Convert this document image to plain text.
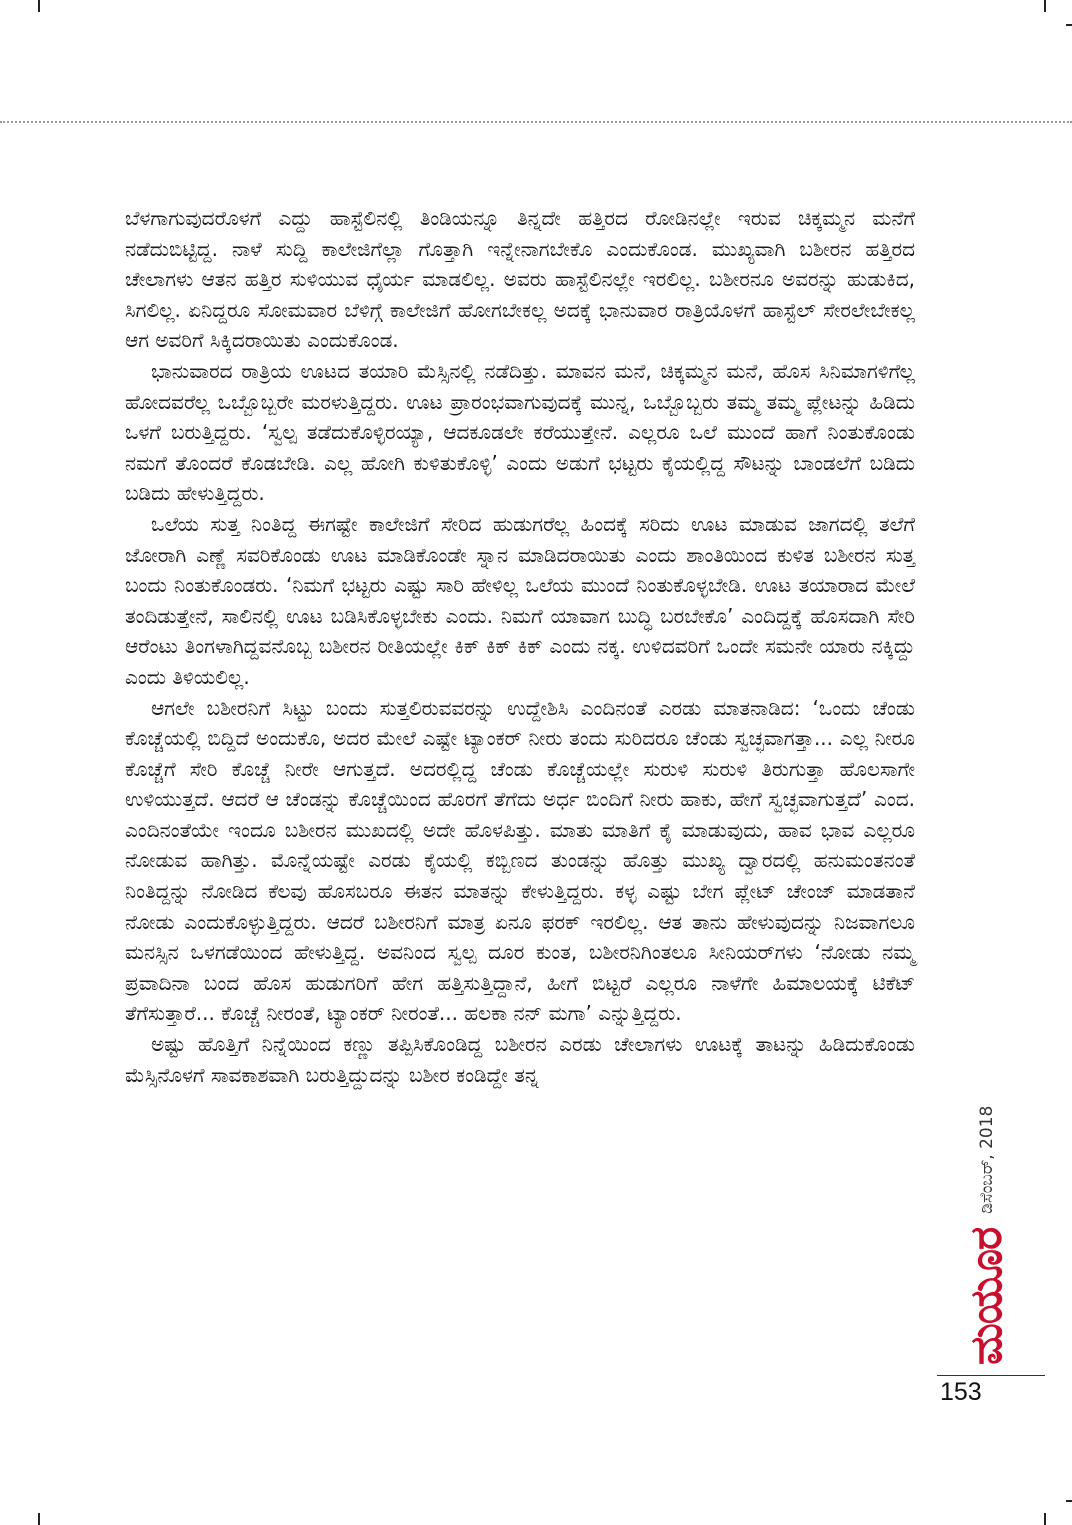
ಬೆಳಗಾಗುವುದರೊಳಗೆ ಎದ್ದು ಹಾಸ್ಟೆಲಿನಲ್ಲಿ ತಿಂಡಿಯನ್ನೂ ತಿನ್ನದೇ ಹತ್ತಿರದ ರೋಡಿನಲ್ಲೇ ಇರುವ ಚಿಕ್ಕಮ್ಮನ ಮನೆಗೆ ನಡೆದುಬಿಟ್ಟಿದ್ದ. ನಾಳೆ ಸುದ್ದಿ ಕಾಲೇಜಿಗೆಲ್ಲಾ ಗೊತ್ತಾಗಿ ಇನ್ನೇನಾಗಬೇಕೊ ಎಂದುಕೊಂಡ. ಮುಖ್ಯವಾಗಿ ಬಶೀರನ ಹತ್ತಿರದ ಚೇಲಾಗಳು ಆತನ ಹತ್ತಿರ ಸುಳಿಯುವ ಧೈರ್ಯ ಮಾಡಲಿಲ್ಲ. ಅವರು ಹಾಸ್ಟೆಲಿನಲ್ಲೇ ಇರಲಿಲ್ಲ. ಬಶೀರನೂ ಅವರನ್ನು ಹುಡುಕಿದ, ಸಿಗಲಿಲ್ಲ. ಏನಿದ್ದರೂ ಸೋಮವಾರ ಬೆಳಿಗ್ಗೆ ಕಾಲೇಜಿಗೆ ಹೋಗಬೇಕಲ್ಲ ಅದಕ್ಕೆ ಭಾನುವಾರ ರಾತ್ರಿಯೊಳಗೆ ಹಾಸ್ಟೆಲ್ ಸೇರಲೇಬೇಕಲ್ಲ ಆಗ ಅವರಿಗೆ ಸಿಕ್ಕಿದರಾಯಿತು ಎಂದುಕೊಂಡ.

ಭಾನುವಾರದ ರಾತ್ರಿಯ ಊಟದ ತಯಾರಿ ಮೆಸ್ಸಿನಲ್ಲಿ ನಡೆದಿತ್ತು. ಮಾವನ ಮನೆ, ಚಿಕ್ಕಮ್ಮನ ಮನೆ, ಹೊಸ ಸಿನಿಮಾಗಳಿಗೆಲ್ಲ ಹೋದವರೆಲ್ಲ ಒಬ್ಬೊಬ್ಬರೇ ಮರಳುತ್ತಿದ್ದರು. ಊಟ ಪ್ರಾರಂಭವಾಗುವುದಕ್ಕೆ ಮುನ್ನ, ಒಬ್ಬೊಬ್ಬರು ತಮ್ಮ ತಮ್ಮ ಪ್ಲೇಟನ್ನು ಹಿಡಿದು ಒಳಗೆ ಬರುತ್ತಿದ್ದರು. ‘ಸ್ವಲ್ಪ ತಡೆದುಕೊಳ್ಳಿರಯ್ಯಾ, ಆದಕೂಡಲೇ ಕರೆಯುತ್ತೇನೆ. ಎಲ್ಲರೂ ಒಲೆ ಮುಂದೆ ಹಾಗೆ ನಿಂತುಕೊಂಡು ನಮಗೆ ತೊಂದರೆ ಕೊಡಬೇಡಿ. ಎಲ್ಲ ಹೋಗಿ ಕುಳಿತುಕೊಳ್ಳಿ’ ಎಂದು ಅಡುಗೆ ಭಟ್ಟರು ಕೈಯಲ್ಲಿದ್ದ ಸೌಟನ್ನು ಬಾಂಡಲೆಗೆ ಬಡಿದು ಬಡಿದು ಹೇಳುತ್ತಿದ್ದರು.

ಒಲೆಯ ಸುತ್ತ ನಿಂತಿದ್ದ ಈಗಷ್ಟೇ ಕಾಲೇಜಿಗೆ ಸೇರಿದ ಹುಡುಗರೆಲ್ಲ ಹಿಂದಕ್ಕೆ ಸರಿದು ಊಟ ಮಾಡುವ ಜಾಗದಲ್ಲಿ ತಲೆಗೆ ಜೋರಾಗಿ ಎಣ್ಣೆ ಸವರಿಕೊಂಡು ಊಟ ಮಾಡಿಕೊಂಡೇ ಸ್ನಾನ ಮಾಡಿದರಾಯಿತು ಎಂದು ಶಾಂತಿಯಿಂದ ಕುಳಿತ ಬಶೀರನ ಸುತ್ತ ಬಂದು ನಿಂತುಕೊಂಡರು. ‘ನಿಮಗೆ ಭಟ್ಟರು ಎಷ್ಟು ಸಾರಿ ಹೇಳಿಲ್ಲ ಒಲೆಯ ಮುಂದೆ ನಿಂತುಕೊಳ್ಳಬೇಡಿ. ಊಟ ತಯಾರಾದ ಮೇಲೆ ತಂದಿಡುತ್ತೇನೆ, ಸಾಲಿನಲ್ಲಿ ಊಟ ಬಡಿಸಿಕೊಳ್ಳಬೇಕು ಎಂದು. ನಿಮಗೆ ಯಾವಾಗ ಬುದ್ಧಿ ಬರಬೇಕೊ’ ಎಂದಿದ್ದಕ್ಕೆ ಹೊಸದಾಗಿ ಸೇರಿ ಆರೆಂಟು ತಿಂಗಳಾಗಿದ್ದವನೊಬ್ಬ ಬಶೀರನ ರೀತಿಯಲ್ಲೇ ಕಿಕ್ ಕಿಕ್ ಕಿಕ್ ಎಂದು ನಕ್ಕ. ಉಳಿದವರಿಗೆ ಒಂದೇ ಸಮನೇ ಯಾರು ನಕ್ಕಿದ್ದು ಎಂದು ತಿಳಿಯಲಿಲ್ಲ.

ಆಗಲೇ ಬಶೀರನಿಗೆ ಸಿಟ್ಟು ಬಂದು ಸುತ್ತಲಿರುವವರನ್ನು ಉದ್ದೇಶಿಸಿ ಎಂದಿನಂತೆ ಎರಡು ಮಾತನಾಡಿದ: ‘ಒಂದು ಚೆಂಡು ಕೊಚ್ಚೆಯಲ್ಲಿ ಬಿದ್ದಿದೆ ಅಂದುಕೊ, ಅದರ ಮೇಲೆ ಎಷ್ಟೇ ಟ್ಯಾಂಕರ್ ನೀರು ತಂದು ಸುರಿದರೂ ಚೆಂಡು ಸ್ವಚ್ಛವಾಗತ್ತಾ... ಎಲ್ಲ ನೀರೂ ಕೊಚ್ಚೆಗೆ ಸೇರಿ ಕೊಚ್ಚೆ ನೀರೇ ಆಗುತ್ತದೆ. ಅದರಲ್ಲಿದ್ದ ಚೆಂಡು ಕೊಚ್ಚೆಯಲ್ಲೇ ಸುರುಳಿ ಸುರುಳಿ ತಿರುಗುತ್ತಾ ಹೊಲಸಾಗೇ ಉಳಿಯುತ್ತದೆ. ಆದರೆ ಆ ಚೆಂಡನ್ನು ಕೊಚ್ಚೆಯಿಂದ ಹೊರಗೆ ತೆಗೆದು ಅರ್ಧ ಬಿಂದಿಗೆ ನೀರು ಹಾಕು, ಹೇಗೆ ಸ್ವಚ್ಛವಾಗುತ್ತದೆ’ ಎಂದ. ಎಂದಿನಂತೆಯೇ ಇಂದೂ ಬಶೀರನ ಮುಖದಲ್ಲಿ ಅದೇ ಹೊಳಪಿತ್ತು. ಮಾತು ಮಾತಿಗೆ ಕೈ ಮಾಡುವುದು, ಹಾವ ಭಾವ ಎಲ್ಲರೂ ನೋಡುವ ಹಾಗಿತ್ತು. ಮೊನ್ನೆಯಷ್ಟೇ ಎರಡು ಕೈಯಲ್ಲಿ ಕಬ್ಬಿಣದ ತುಂಡನ್ನು ಹೊತ್ತು ಮುಖ್ಯ ದ್ವಾರದಲ್ಲಿ ಹನುಮಂತನಂತೆ ನಿಂತಿದ್ದನ್ನು ನೋಡಿದ ಕೆಲವು ಹೊಸಬರೂ ಈತನ ಮಾತನ್ನು ಕೇಳುತ್ತಿದ್ದರು. ಕಳ್ಳ ಎಷ್ಟು ಬೇಗ ಪ್ಲೇಟ್ ಚೇಂಜ್ ಮಾಡತಾನೆ ನೋಡು ಎಂದುಕೊಳ್ಳುತ್ತಿದ್ದರು. ಆದರೆ ಬಶೀರನಿಗೆ ಮಾತ್ರ ಏನೂ ಫರಕ್ ಇರಲಿಲ್ಲ. ಆತ ತಾನು ಹೇಳುವುದನ್ನು ನಿಜವಾಗಲೂ ಮನಸ್ಸಿನ ಒಳಗಡೆಯಿಂದ ಹೇಳುತ್ತಿದ್ದ. ಅವನಿಂದ ಸ್ವಲ್ಪ ದೂರ ಕುಂತ, ಬಶೀರನಿಗಿಂತಲೂ ಸೀನಿಯರ್‌ಗಳು ‘ನೋಡು ನಮ್ಮ ಪ್ರವಾದಿನಾ ಬಂದ ಹೊಸ ಹುಡುಗರಿಗೆ ಹೇಗ ಹತ್ತಿಸುತ್ತಿದ್ದಾನೆ, ಹೀಗೆ ಬಿಟ್ಟರೆ ಎಲ್ಲರೂ ನಾಳೆಗೇ ಹಿಮಾಲಯಕ್ಕೆ ಟಿಕೆಟ್ ತೆಗೆಸುತ್ತಾರೆ... ಕೊಚ್ಚೆ ನೀರಂತೆ, ಟ್ಯಾಂಕರ್ ನೀರಂತೆ... ಹಲಕಾ ನನ್ ಮಗಾ’ ಎನ್ನುತ್ತಿದ್ದರು.

ಅಷ್ಟು ಹೊತ್ತಿಗೆ ನಿನ್ನೆಯಿಂದ ಕಣ್ಣು ತಪ್ಪಿಸಿಕೊಂಡಿದ್ದ ಬಶೀರನ ಎರಡು ಚೇಲಾಗಳು ಊಟಕ್ಕೆ ತಾಟನ್ನು ಹಿಡಿದುಕೊಂಡು ಮೆಸ್ಸಿನೊಳಗೆ ಸಾವಕಾಶವಾಗಿ ಬರುತ್ತಿದ್ದುದನ್ನು ಬಶೀರ ಕಂಡಿದ್ದೇ ತನ್ನ

ಮಯೂರ
ಡಿಸೆಂಬರ್, 2018
153
